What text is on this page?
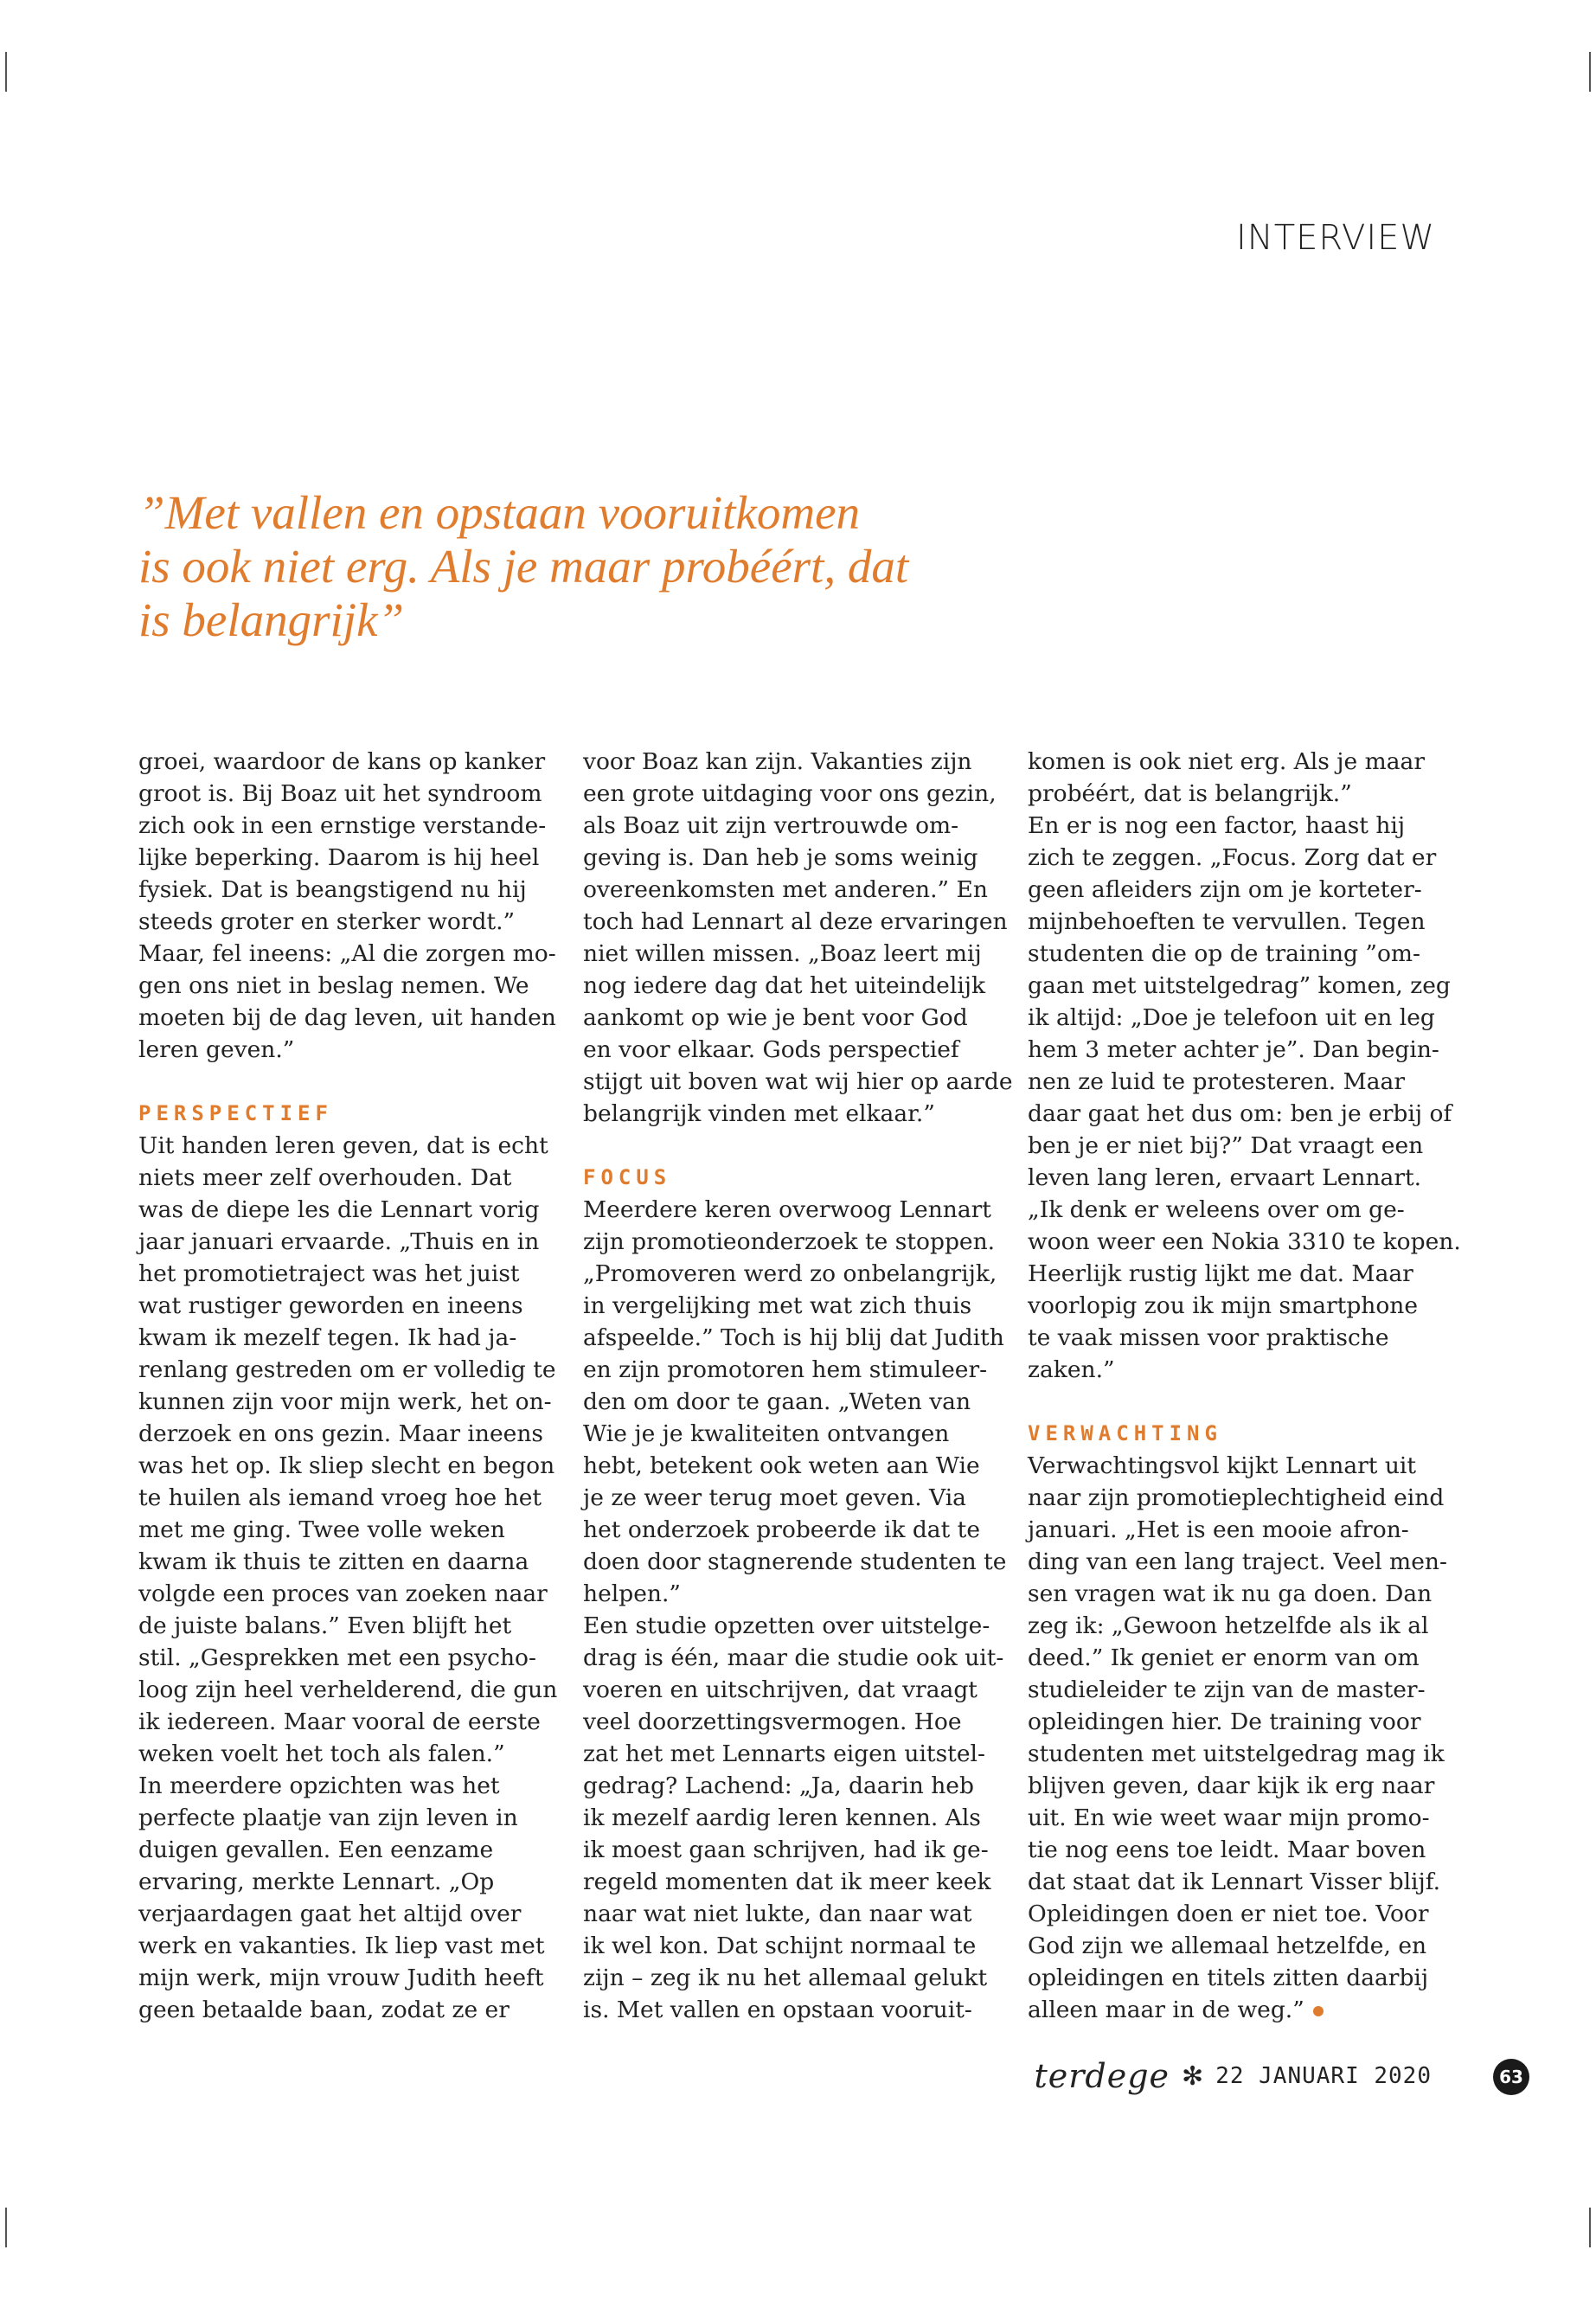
INTERVIEW
”Met vallen en opstaan vooruitkomen
is ook niet erg. Als je maar probéért, dat
is belangrijk”
groei, waardoor de kans op kanker
groot is. Bij Boaz uit het syndroom
zich ook in een ernstige verstande-
lijke beperking. Daarom is hij heel
fysiek. Dat is beangstigend nu hij
steeds groter en sterker wordt.”
Maar, fel ineens: „Al die zorgen mo-
gen ons niet in beslag nemen. We
moeten bij de dag leven, uit handen
leren geven.”
PERSPECTIEF
Uit handen leren geven, dat is echt
niets meer zelf overhouden. Dat
was de diepe les die Lennart vorig
jaar januari ervaarde. „Thuis en in
het promotietraject was het juist
wat rustiger geworden en ineens
kwam ik mezelf tegen. Ik had ja-
renlang gestreden om er volledig te
kunnen zijn voor mijn werk, het on-
derzoek en ons gezin. Maar ineens
was het op. Ik sliep slecht en begon
te huilen als iemand vroeg hoe het
met me ging. Twee volle weken
kwam ik thuis te zitten en daarna
volgde een proces van zoeken naar
de juiste balans.” Even blijft het
stil. „Gesprekken met een psycho-
loog zijn heel verhelderend, die gun
ik iedereen. Maar vooral de eerste
weken voelt het toch als falen.”
In meerdere opzichten was het
perfecte plaatje van zijn leven in
duigen gevallen. Een eenzame
ervaring, merkte Lennart. „Op
verjaardagen gaat het altijd over
werk en vakanties. Ik liep vast met
mijn werk, mijn vrouw Judith heeft
geen betaalde baan, zodat ze er
voor Boaz kan zijn. Vakanties zijn
een grote uitdaging voor ons gezin,
als Boaz uit zijn vertrouwde om-
geving is. Dan heb je soms weinig
overeenkomsten met anderen.” En
toch had Lennart al deze ervaringen
niet willen missen. „Boaz leert mij
nog iedere dag dat het uiteindelijk
aankomt op wie je bent voor God
en voor elkaar. Gods perspectief
stijgt uit boven wat wij hier op aarde
belangrijk vinden met elkaar.”
FOCUS
Meerdere keren overwoog Lennart
zijn promotieonderzoek te stoppen.
„Promoveren werd zo onbelangrijk,
in vergelijking met wat zich thuis
afspeelde.” Toch is hij blij dat Judith
en zijn promotoren hem stimuleer-
den om door te gaan. „Weten van
Wie je je kwaliteiten ontvangen
hebt, betekent ook weten aan Wie
je ze weer terug moet geven. Via
het onderzoek probeerde ik dat te
doen door stagnerende studenten te
helpen.”
Een studie opzetten over uitstelge-
drag is één, maar die studie ook uit-
voeren en uitschrijven, dat vraagt
veel doorzettingsvermogen. Hoe
zat het met Lennarts eigen uitstel-
gedrag? Lachend: „Ja, daarin heb
ik mezelf aardig leren kennen. Als
ik moest gaan schrijven, had ik ge-
regeld momenten dat ik meer keek
naar wat niet lukte, dan naar wat
ik wel kon. Dat schijnt normaal te
zijn – zeg ik nu het allemaal gelukt
is. Met vallen en opstaan vooruit-
komen is ook niet erg. Als je maar
probéért, dat is belangrijk.”
En er is nog een factor, haast hij
zich te zeggen. „Focus. Zorg dat er
geen afleiders zijn om je korteter-
mijnbehoeften te vervullen. Tegen
studenten die op de training ”om-
gaan met uitstelgedrag” komen, zeg
ik altijd: „Doe je telefoon uit en leg
hem 3 meter achter je”. Dan begin-
nen ze luid te protesteren. Maar
daar gaat het dus om: ben je erbij of
ben je er niet bij?” Dat vraagt een
leven lang leren, ervaart Lennart.
„Ik denk er weleens over om ge-
woon weer een Nokia 3310 te kopen.
Heerlijk rustig lijkt me dat. Maar
voorlopig zou ik mijn smartphone
te vaak missen voor praktische
zaken.”
VERWACHTING
Verwachtingsvol kijkt Lennart uit
naar zijn promotieplechtigheid eind
januari. „Het is een mooie afron-
ding van een lang traject. Veel men-
sen vragen wat ik nu ga doen. Dan
zeg ik: „Gewoon hetzelfde als ik al
deed.” Ik geniet er enorm van om
studieleider te zijn van de master-
opleidingen hier. De training voor
studenten met uitstelgedrag mag ik
blijven geven, daar kijk ik erg naar
uit. En wie weet waar mijn promo-
tie nog eens toe leidt. Maar boven
dat staat dat ik Lennart Visser blijf.
Opleidingen doen er niet toe. Voor
God zijn we allemaal hetzelfde, en
opleidingen en titels zitten daarbij
alleen maar in de weg.”
terdege ✻ 22 JANUARI 2020	63
